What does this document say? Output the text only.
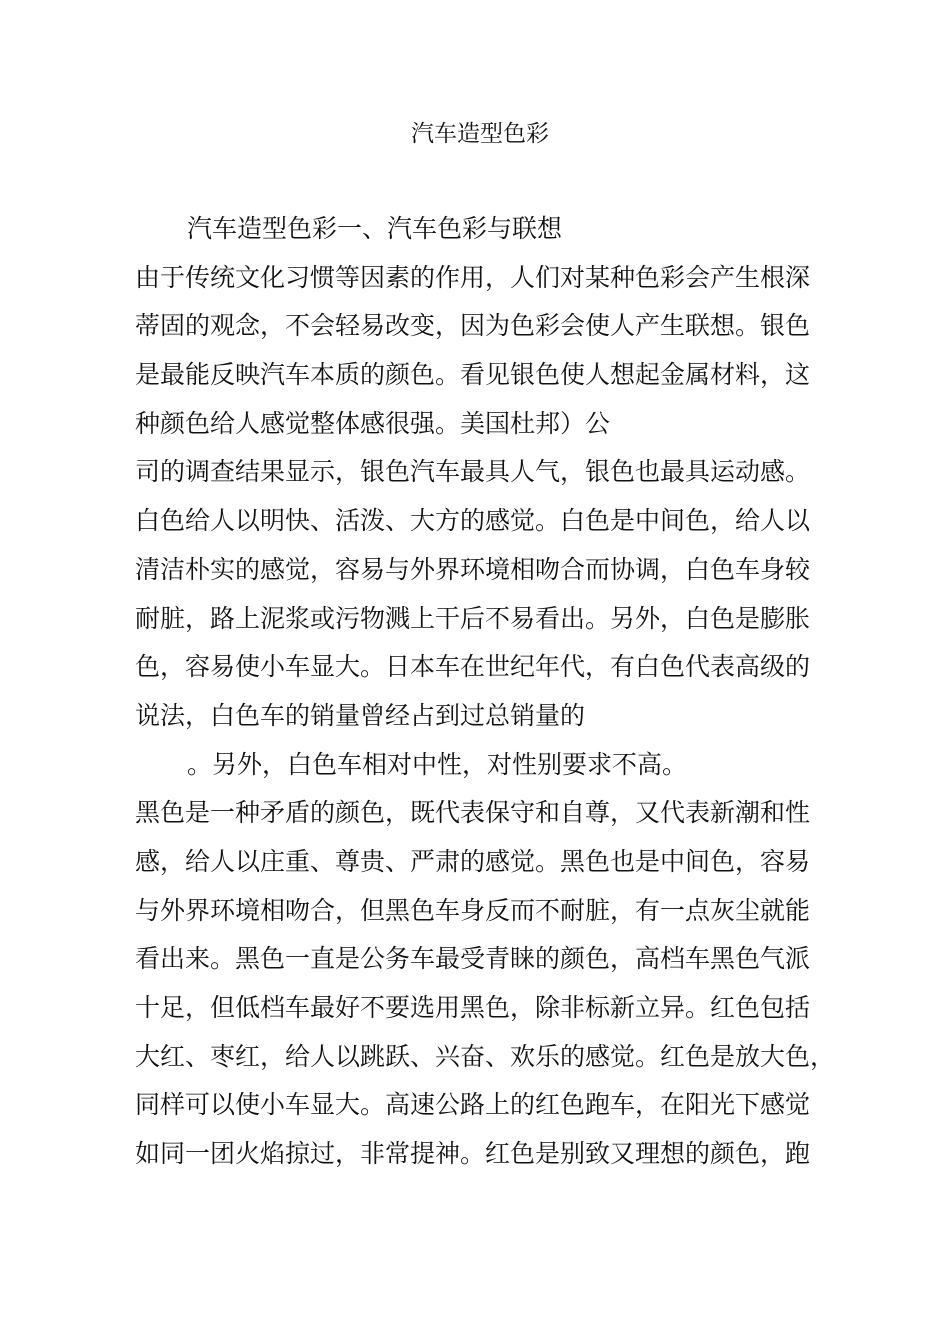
汽车造型色彩
汽车造型色彩一、汽车色彩与联想
由于传统文化习惯等因素的作用，人们对某种色彩会产生根深
蒂固的观念，不会轻易改变，因为色彩会使人产生联想。银色
是最能反映汽车本质的颜色。看见银色使人想起金属材料，这
种颜色给人感觉整体感很强。美国杜邦）公
司的调查结果显示，银色汽车最具人气，银色也最具运动感。
白色给人以明快、活泼、大方的感觉。白色是中间色，给人以
清洁朴实的感觉，容易与外界环境相吻合而协调，白色车身较
耐脏，路上泥浆或污物溅上干后不易看出。另外，白色是膨胀
色，容易使小车显大。日本车在世纪年代，有白色代表高级的
说法，白色车的销量曾经占到过总销量的
。另外，白色车相对中性，对性别要求不高。
黑色是一种矛盾的颜色，既代表保守和自尊，又代表新潮和性
感，给人以庄重、尊贵、严肃的感觉。黑色也是中间色，容易
与外界环境相吻合，但黑色车身反而不耐脏，有一点灰尘就能
看出来。黑色一直是公务车最受青睐的颜色，高档车黑色气派
十足，但低档车最好不要选用黑色，除非标新立异。红色包括
大红、枣红，给人以跳跃、兴奋、欢乐的感觉。红色是放大色，
同样可以使小车显大。高速公路上的红色跑车，在阳光下感觉
如同一团火焰掠过，非常提神。红色是别致又理想的颜色，跑
